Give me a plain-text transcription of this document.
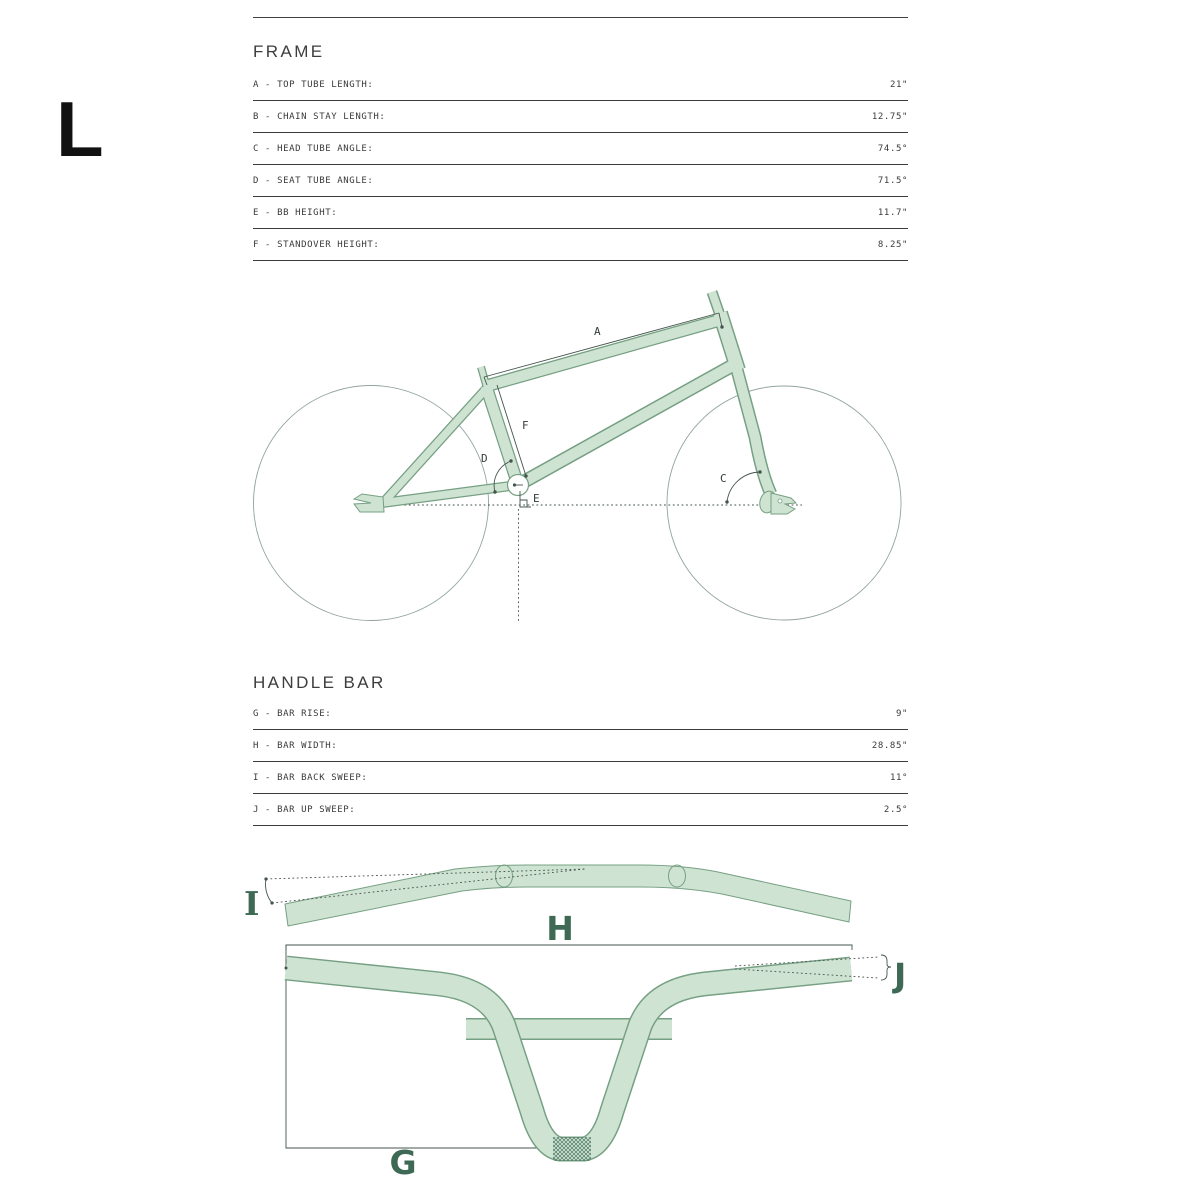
L
FRAME
A - TOP TUBE LENGTH:	21"
B - CHAIN STAY LENGTH:	12.75"
C - HEAD TUBE ANGLE:	74.5°
D - SEAT TUBE ANGLE:	71.5°
E - BB HEIGHT:	11.7"
F - STANDOVER HEIGHT:	8.25"
A
F
D
E
C
HANDLE BAR
G - BAR RISE:	9"
H - BAR WIDTH:	28.85"
I - BAR BACK SWEEP:	11°
J - BAR UP SWEEP:	2.5°
I
H
J
G
